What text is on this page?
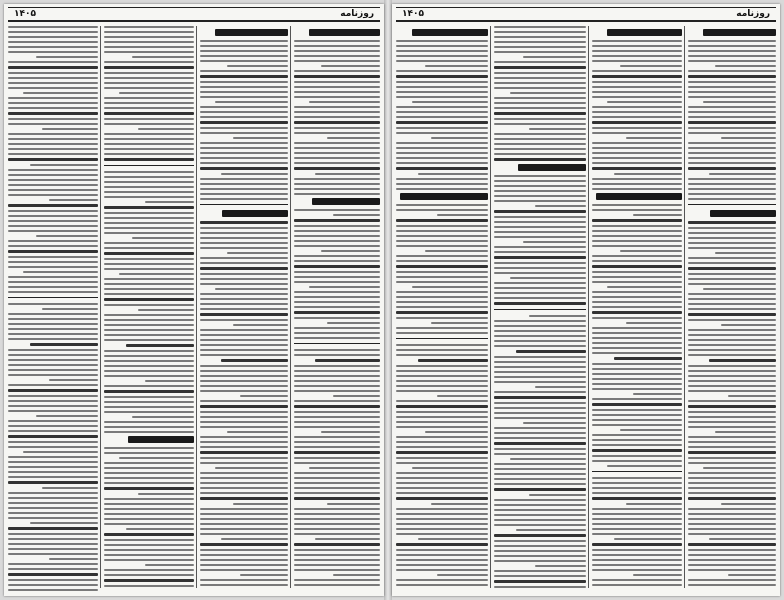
۱۴۰۵	روزنامه	۱۴۰۵	روزنامه
